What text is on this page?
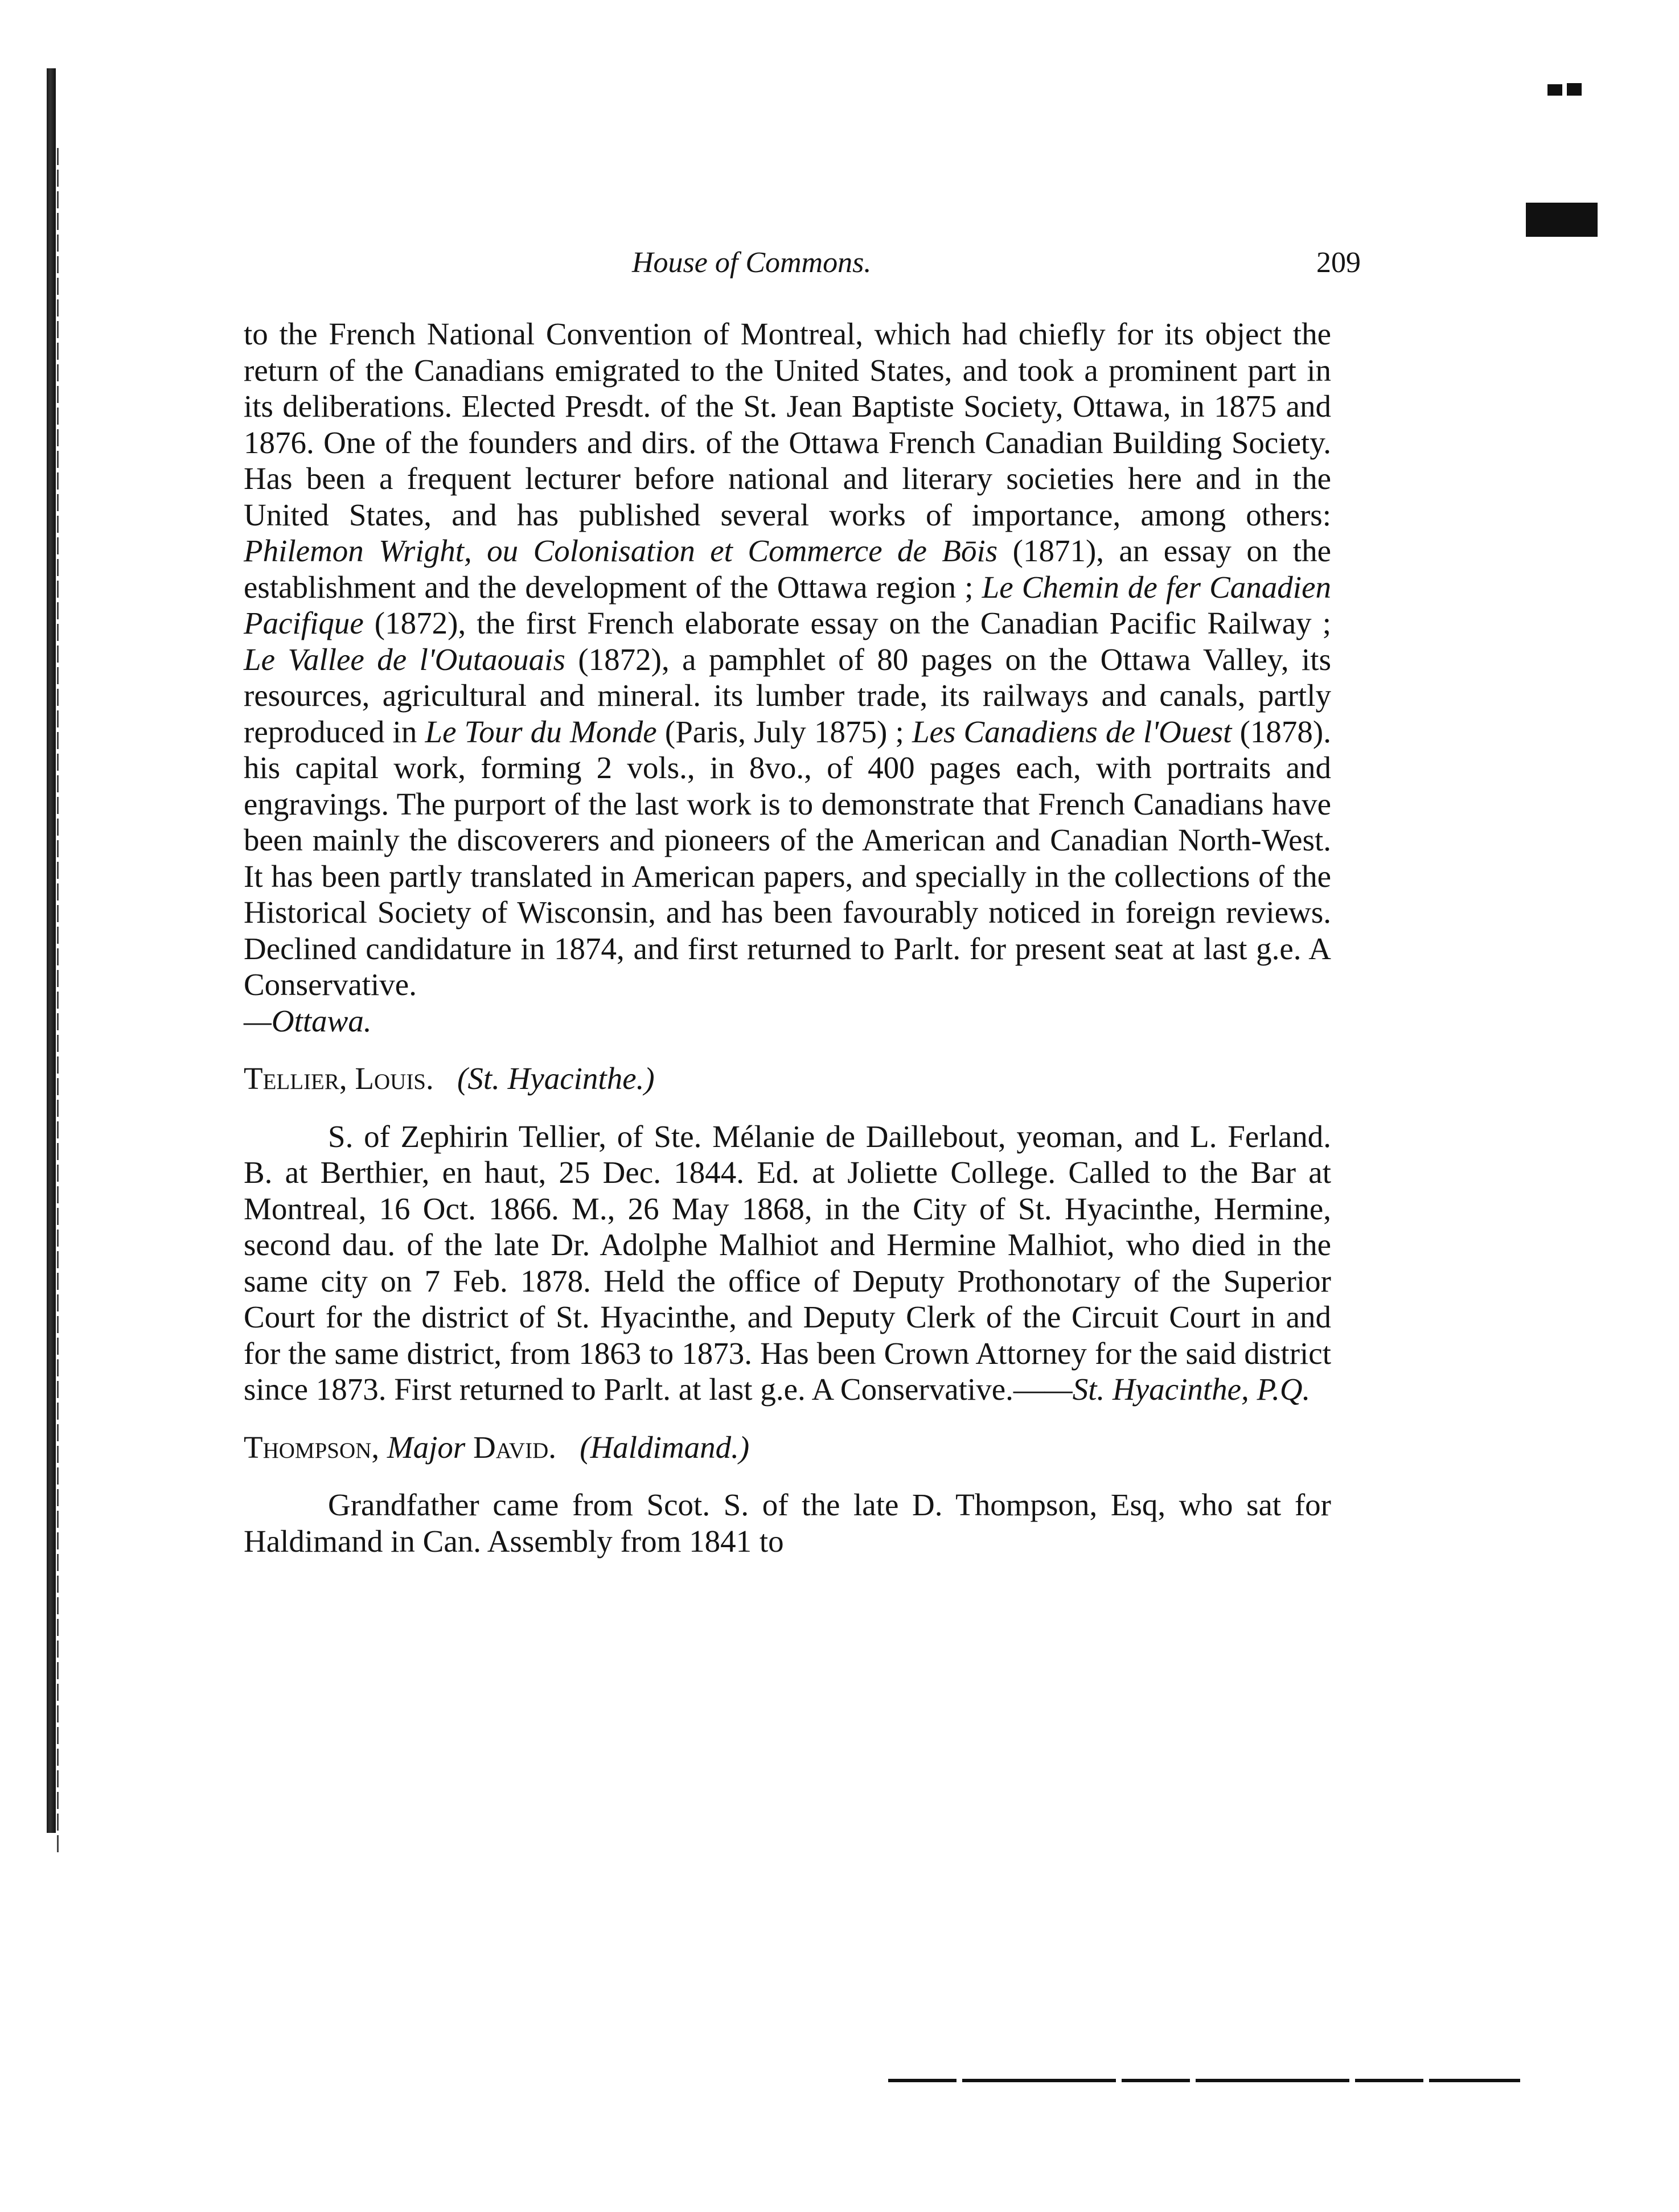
House of Commons.	209

to the French National Convention of Montreal, which had chiefly for its object the return of the Canadians emigrated to the United States, and took a prominent part in its deliberations. Elected Presdt. of the St. Jean Baptiste Society, Ottawa, in 1875 and 1876. One of the founders and dirs. of the Ottawa French Canadian Building Society. Has been a frequent lecturer before national and literary societies here and in the United States, and has published several works of importance, among others: Philemon Wright, ou Colonisation et Commerce de Bōis (1871), an essay on the establishment and the development of the Ottawa region ; Le Chemin de fer Canadien Pacifique (1872), the first French elaborate essay on the Canadian Pacific Railway ; Le Vallee de l'Outaouais (1872), a pamphlet of 80 pages on the Ottawa Valley, its resources, agricultural and mineral. its lumber trade, its railways and canals, partly reproduced in Le Tour du Monde (Paris, July 1875) ; Les Canadiens de l'Ouest (1878). his capital work, forming 2 vols., in 8vo., of 400 pages each, with portraits and engravings. The purport of the last work is to demonstrate that French Canadians have been mainly the discoverers and pioneers of the American and Canadian North-West. It has been partly translated in American papers, and specially in the collections of the Historical Society of Wisconsin, and has been favourably noticed in foreign reviews. Declined candidature in 1874, and first returned to Parlt. for present seat at last g.e. A Conservative.
—Ottawa.

Tellier, Louis. (St. Hyacinthe.)

S. of Zephirin Tellier, of Ste. Mélanie de Daillebout, yeoman, and L. Ferland. B. at Berthier, en haut, 25 Dec. 1844. Ed. at Joliette College. Called to the Bar at Montreal, 16 Oct. 1866. M., 26 May 1868, in the City of St. Hyacinthe, Hermine, second dau. of the late Dr. Adolphe Malhiot and Hermine Malhiot, who died in the same city on 7 Feb. 1878. Held the office of Deputy Prothonotary of the Superior Court for the district of St. Hyacinthe, and Deputy Clerk of the Circuit Court in and for the same district, from 1863 to 1873. Has been Crown Attorney for the said district since 1873. First returned to Parlt. at last g.e. A Conservative.——St. Hyacinthe, P.Q.

Thompson, Major David. (Haldimand.)

Grandfather came from Scot. S. of the late D. Thompson, Esq, who sat for Haldimand in Can. Assembly from 1841 to
